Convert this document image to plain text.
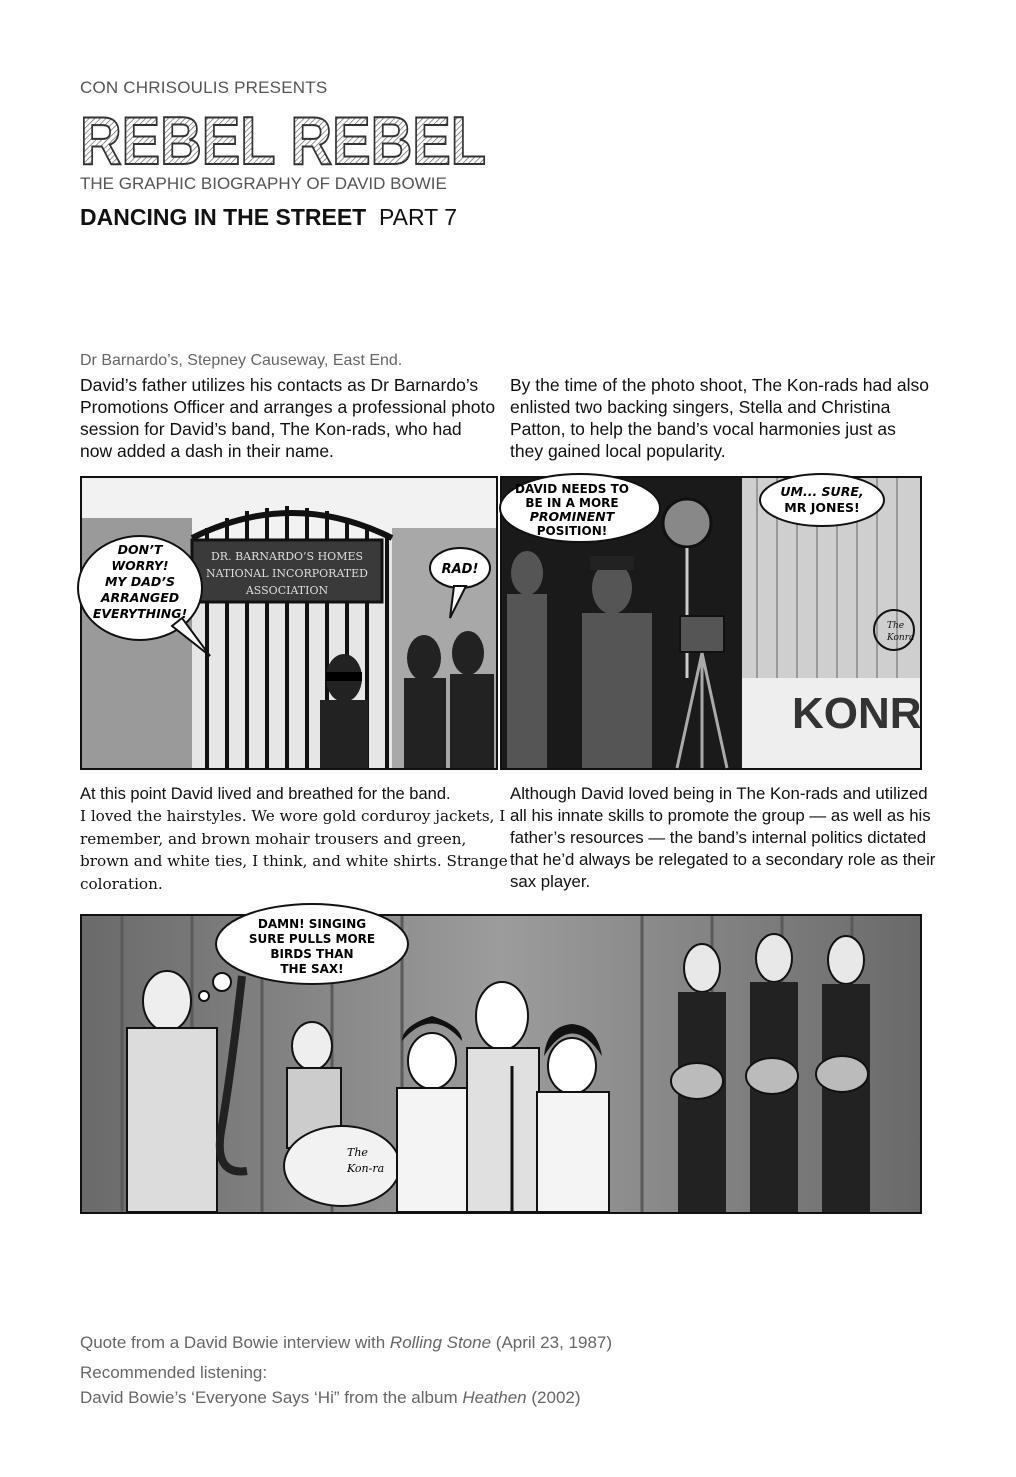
CON CHRISOULIS PRESENTS
REBEL REBEL
THE GRAPHIC BIOGRAPHY OF DAVID BOWIE
DANCING IN THE STREET PART 7
Dr Barnardo’s, Stepney Causeway, East End.
David’s father utilizes his contacts as Dr Barnardo’s Promotions Officer and arranges a professional photo session for David’s band, The Kon-rads, who had now added a dash in their name.
By the time of the photo shoot, The Kon-rads had also enlisted two backing singers, Stella and Christina Patton, to help the band’s vocal harmonies just as they gained local popularity.
DR. BARNARDO’S HOMES
NATIONAL INCORPORATED
ASSOCIATION
DON’T
WORRY!
MY DAD’S
ARRANGED
EVERYTHING!
RAD!
KONR
The
Konra
DAVID NEEDS TO
BE IN A MORE
PROMINENT
POSITION!
UM... SURE,
MR JONES!
At this point David lived and breathed for the band.
I loved the hairstyles. We wore gold corduroy jackets, I remember, and brown mohair trousers and green, brown and white ties, I think, and white shirts. Strange coloration.
Although David loved being in The Kon-rads and utilized all his innate skills to promote the group — as well as his father’s resources — the band’s internal politics dictated that he’d always be relegated to a secondary role as their sax player.
The
Kon-ra
DAMN! SINGING
SURE PULLS MORE
BIRDS THAN
THE SAX!
Quote from a David Bowie interview with Rolling Stone (April 23, 1987)
Recommended listening:
David Bowie’s ‘Everyone Says ‘Hi” from the album Heathen (2002)
